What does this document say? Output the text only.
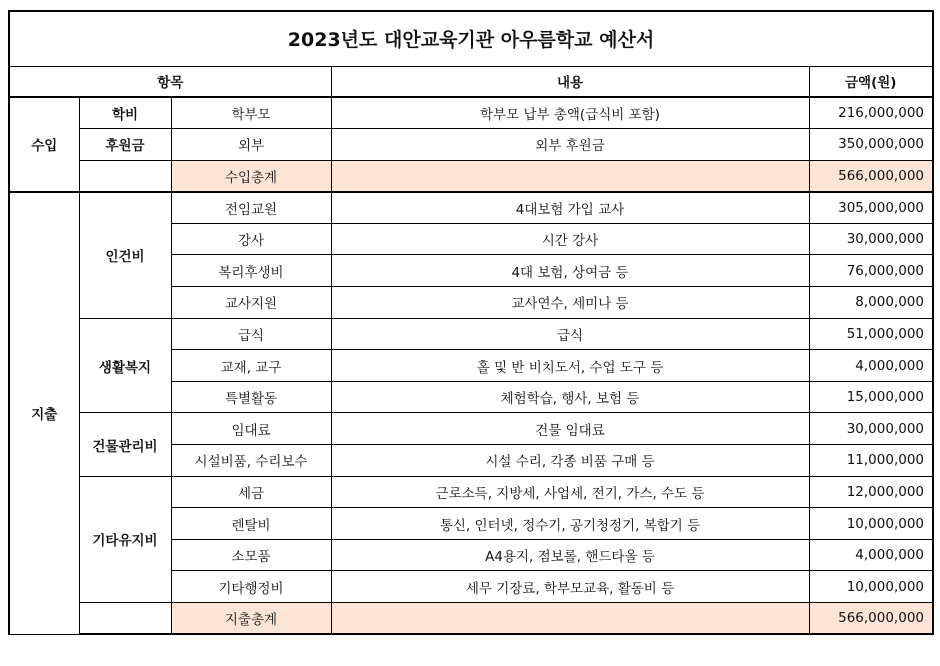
2023년도 대안교육기관 아우름학교 예산서				
항목			내용	금액(원)
수입	학비	학부모	학부모 납부 총액(급식비 포함)	216,000,000
	후원금	외부	외부 후원금	350,000,000
		수입총계		566,000,000
지출	인건비	전임교원	4대보험 가입 교사	305,000,000
		강사	시간 강사	30,000,000
		복리후생비	4대 보험, 상여금 등	76,000,000
		교사지원	교사연수, 세미나 등	8,000,000
	생활복지	급식	급식	51,000,000
		교재, 교구	홀 및 반 비치도서, 수업 도구 등	4,000,000
		특별활동	체험학습, 행사, 보험 등	15,000,000
	건물관리비	임대료	건물 임대료	30,000,000
		시설비품, 수리보수	시설 수리, 각종 비품 구매 등	11,000,000
	기타유지비	세금	근로소득, 지방세, 사업세, 전기, 가스, 수도 등	12,000,000
		렌탈비	통신, 인터넷, 정수기, 공기청정기, 복합기 등	10,000,000
		소모품	A4용지, 점보롤, 핸드타올 등	4,000,000
		기타행정비	세무 기장료, 학부모교육, 활동비 등	10,000,000
		지출총계		566,000,000
